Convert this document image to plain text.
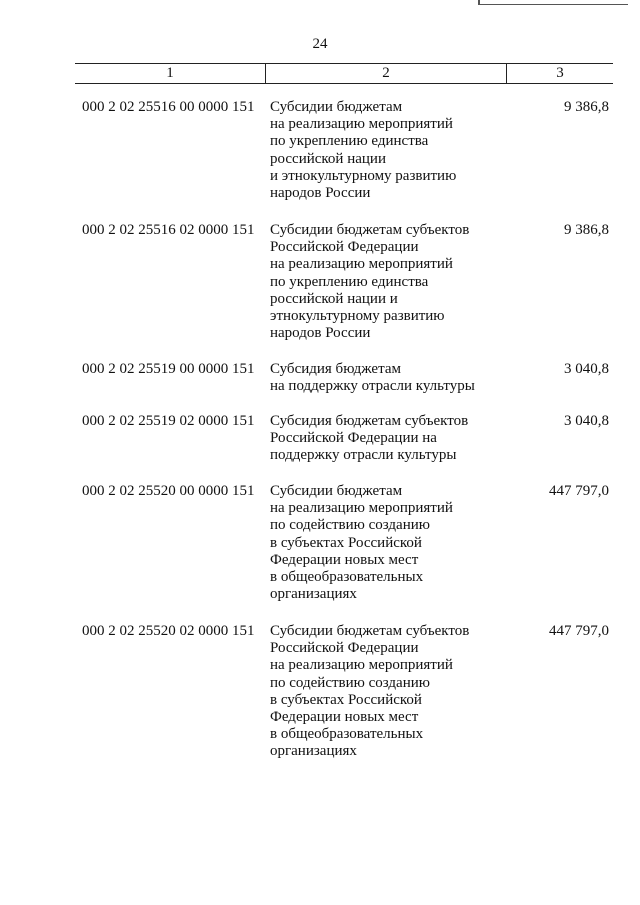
24
1	2	3
000 2 02 25516 00 0000 151 Субсидии бюджетам
на реализацию мероприятий
по укреплению единства
российской нации
и этнокультурному развитию
народов России
9 386,8
000 2 02 25516 02 0000 151 Субсидии бюджетам субъектов
Российской Федерации
на реализацию мероприятий
по укреплению единства
российской нации и
этнокультурному развитию
народов России
9 386,8
000 2 02 25519 00 0000 151 Субсидия бюджетам
на поддержку отрасли культуры
3 040,8
000 2 02 25519 02 0000 151 Субсидия бюджетам субъектов
Российской Федерации на
поддержку отрасли культуры
3 040,8
000 2 02 25520 00 0000 151 Субсидии бюджетам
на реализацию мероприятий
по содействию созданию
в субъектах Российской
Федерации новых мест
в общеобразовательных
организациях
447 797,0
000 2 02 25520 02 0000 151 Субсидии бюджетам субъектов
Российской Федерации
на реализацию мероприятий
по содействию созданию
в субъектах Российской
Федерации новых мест
в общеобразовательных
организациях
447 797,0
